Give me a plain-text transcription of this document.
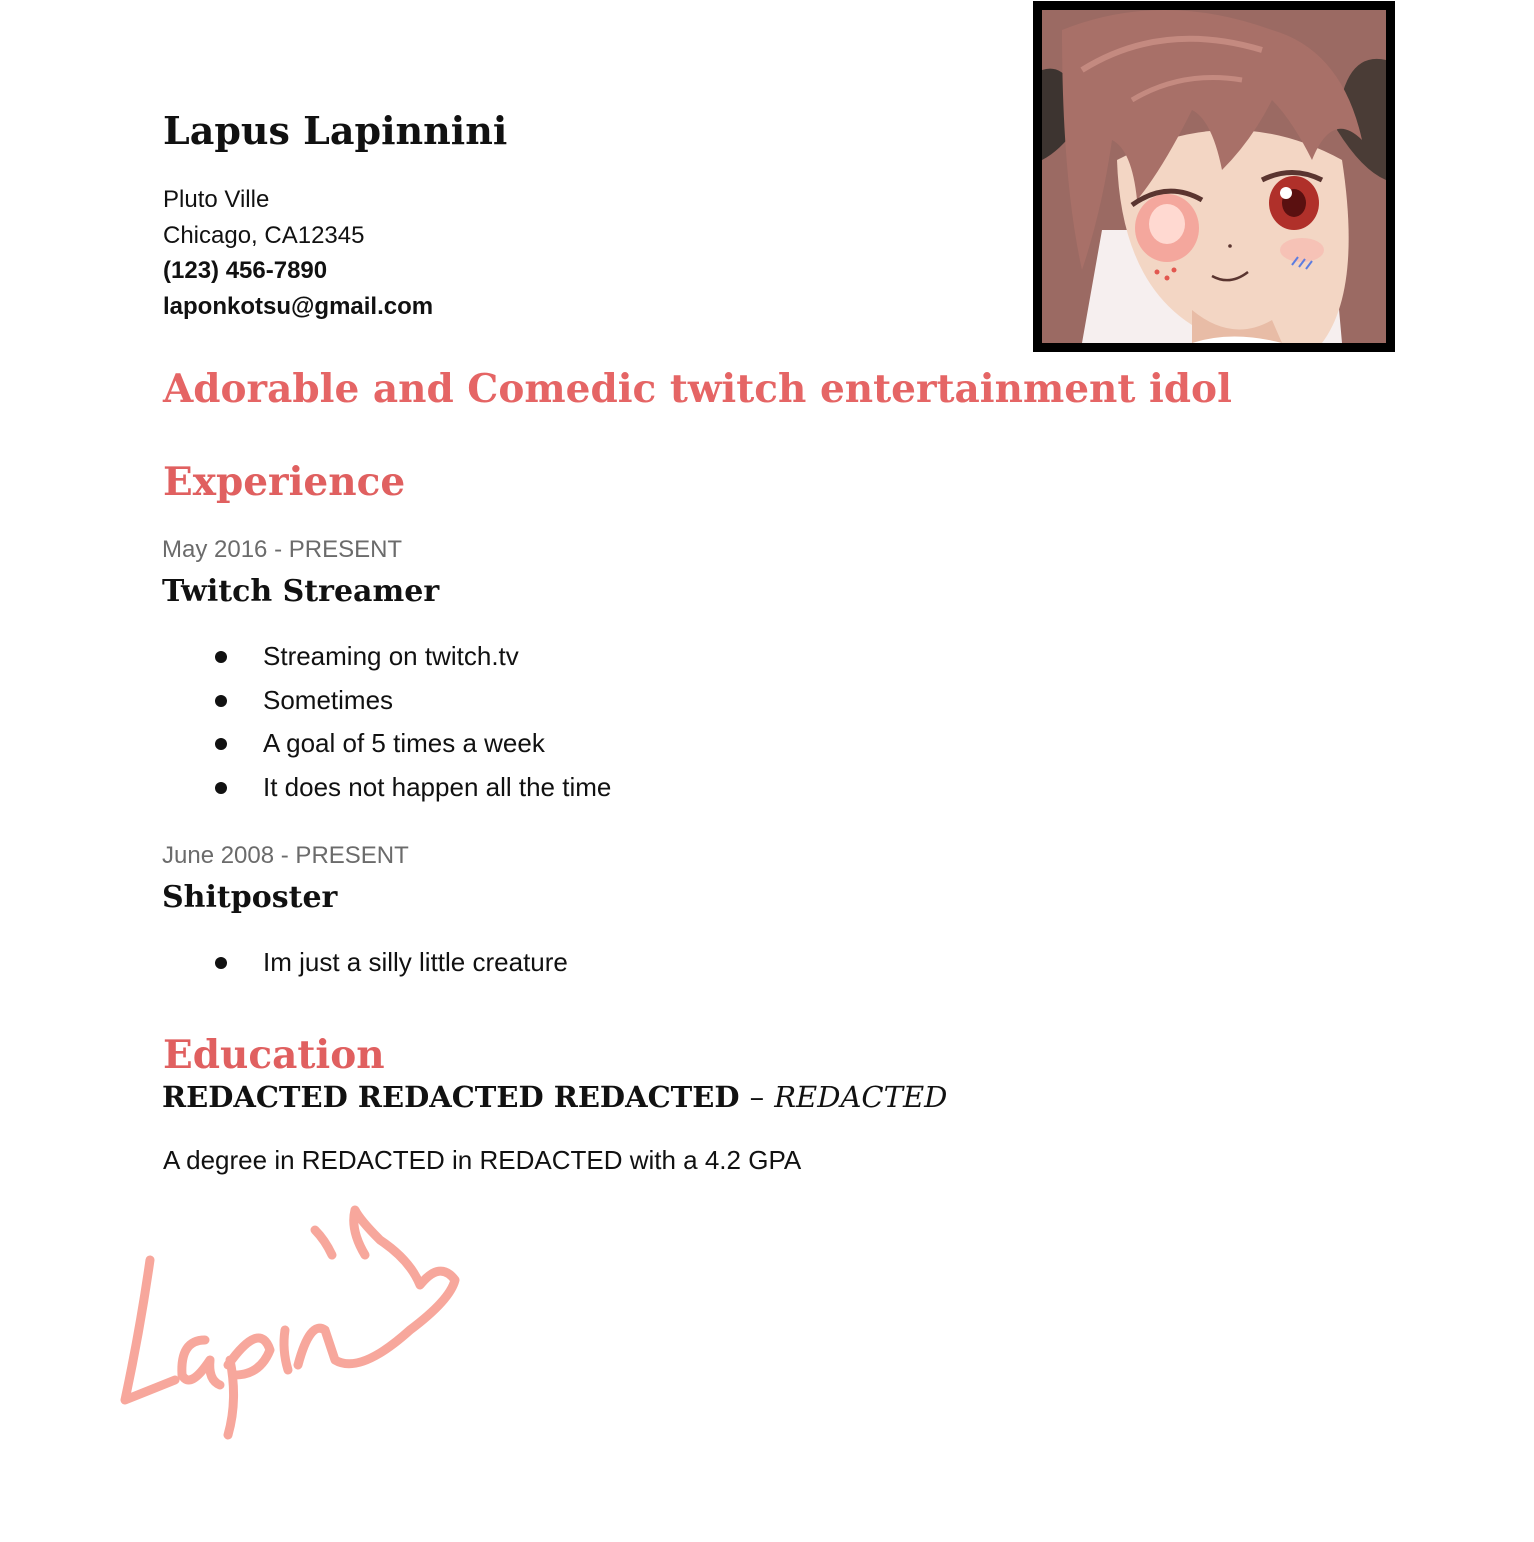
Lapus Lapinnini
Pluto Ville
Chicago, CA12345
(123) 456-7890
laponkotsu@gmail.com
Adorable and Comedic twitch entertainment idol
Experience
May 2016 - PRESENT
Twitch Streamer
Streaming on twitch.tv
Sometimes
A goal of 5 times a week
It does not happen all the time
June 2008 - PRESENT
Shitposter
Im just a silly little creature
Education
REDACTED REDACTED REDACTED – REDACTED
A degree in REDACTED in REDACTED with a 4.2 GPA
